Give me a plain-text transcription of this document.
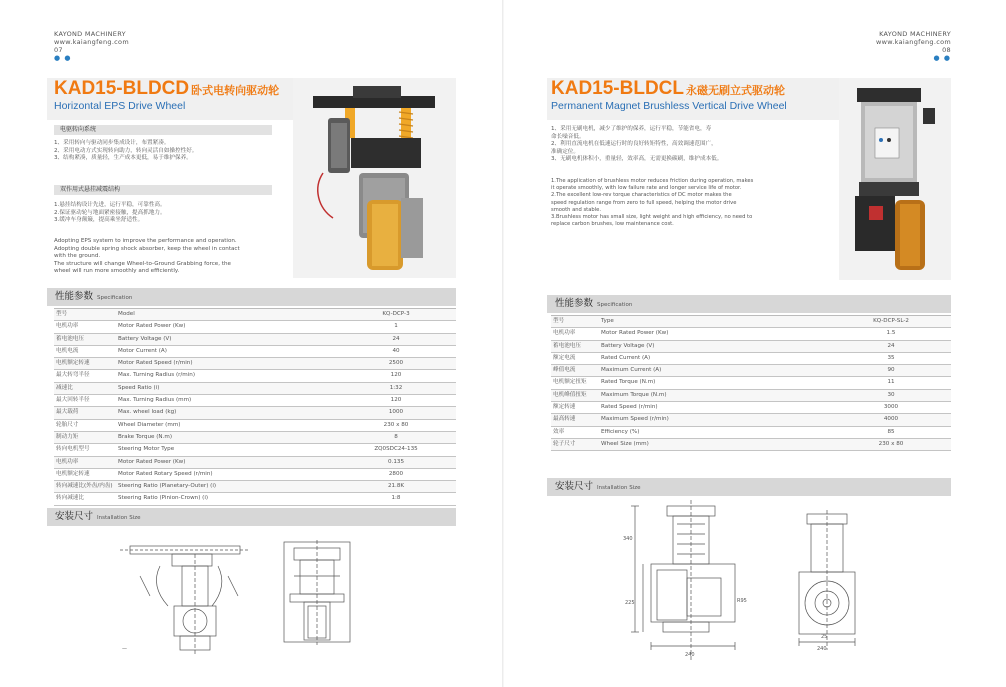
KAYOND MACHINERY
www.kaiangfeng.com
07
● ●
KAD15-BLDCD 卧式电转向驱动轮
Horizontal EPS Drive Wheel
电驱转向系统
1、采用转向与驱动同步集成设计，布置紧凑。
2、采用电动方式实现转向助力，转向灵活自如操控性好。
3、结构紧凑，质量轻，生产成本更低，易于维护保养。
双作用式悬挂减震结构
1.悬挂结构设计先进，运行平稳，可靠性高。
2.保证驱动轮与地面紧密接触，提高抓地力。
3.缓冲车身颠簸，提高乘坐舒适性。
Adopting EPS system to improve the performance and operation.
Adopting double spring shock absorber, keep the wheel in contact
with the ground.
The structure will change Wheel-to-Ground Grabbing force, the
wheel will run more smoothly and efficiently.
性能参数 Specification
型号	Model	KQ-DCP-3
电机功率	Motor Rated Power (Kw)	1
蓄电池电压	Battery Voltage (V)	24
电机电流	Motor Current (A)	40
电机额定转速	Motor Rated Speed (r/min)	2500
最大转弯半径	Max. Turning Radius (r/min)	120
减速比	Speed Ratio (i)	1:32
最大回转半径	Max. Turning Radius (mm)	120
最大载荷	Max. wheel load (kg)	1000
轮胎尺寸	Wheel Diameter (mm)	230 x 80
制动力矩	Brake Torque (N.m)	8
转向电机型号	Steering Motor Type	ZQ0SDC24-135
电机功率	Motor Rated Power (Kw)	0.135
电机额定转速	Motor Rated Rotary Speed (r/min)	2800
转向减速比(外齿/内齿) Steering Ratio (Planetary-Outer) (i)	21.8K
转向减速比	Steering Ratio (Pinion-Crown) (i)	1:8
安装尺寸 Installation Size
—
KAYOND MACHINERY
www.kaiangfeng.com
08
● ●
KAD15-BLDCL 永磁无刷立式驱动轮
Permanent Magnet Brushless Vertical Drive Wheel
1、采用无刷电机，减少了维护的保养，运行平稳，节能省电，寿
命长噪音低。
2、利用直流电机在低速运行时的良好转矩特性，高效调速范围广，
准确定位。
3、无刷电机体积小，重量轻，效率高，无需更换碳刷，维护成本低。
1.The application of brushless motor reduces friction during operation, makes
it operate smoothly, with low failure rate and longer service life of motor.
2.The excellent low-rev torque characteristics of DC motor makes the
speed regulation range from zero to full speed, helping the motor drive
smooth and stable.
3.Brushless motor has small size, light weight and high efficiency, no need to
replace carbon brushes, low maintenance cost.
性能参数 Specification
型号	Type	KQ-DCP-SL-2
电机功率	Motor Rated Power (Kw)	1.5
蓄电池电压	Battery Voltage (V)	24
额定电流	Rated Current (A)	35
峰值电流	Maximum Current (A)	90
电机额定扭矩	Rated Torque (N.m)	11
电机峰值扭矩	Maximum Torque (N.m)	30
额定转速	Rated Speed (r/min)	3000
最高转速	Maximum Speed (r/min)	4000
效率	Efficiency (%)	85
轮子尺寸	Wheel Size (mm)	230 x 80
安装尺寸 Installation Size
340
225
240
R95
240
25
